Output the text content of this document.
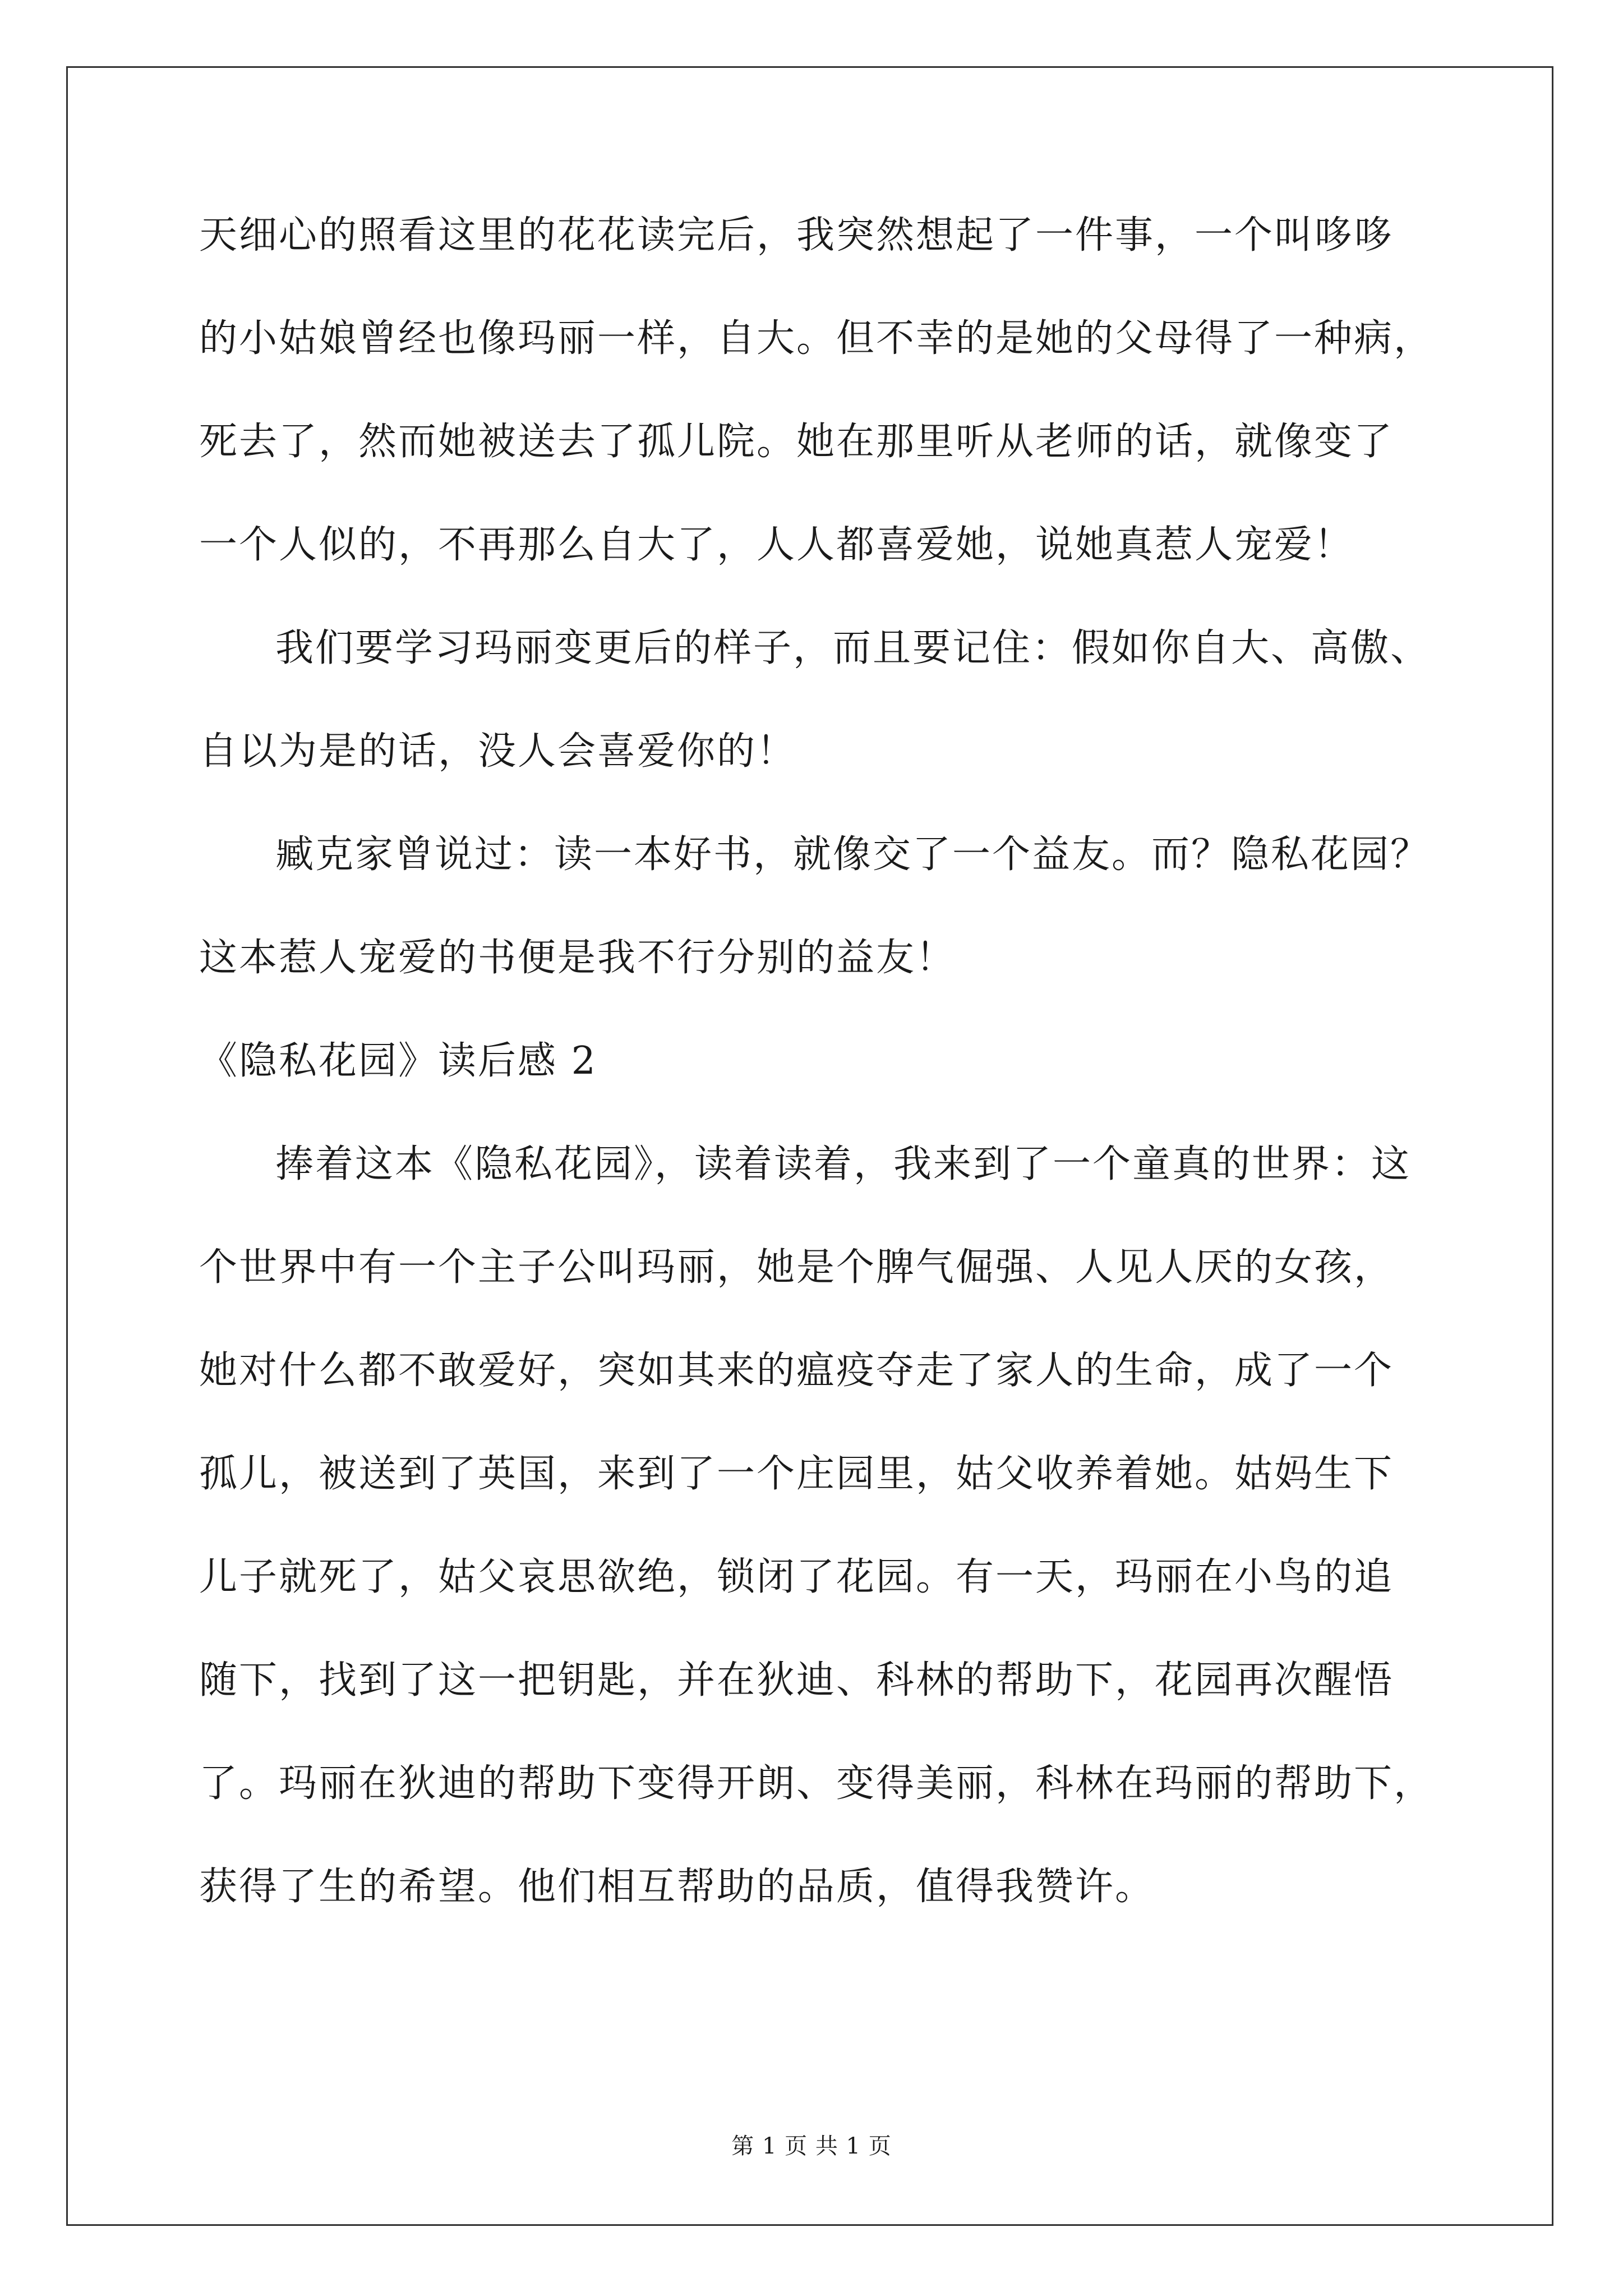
天细心的照看这里的花花读完后，我突然想起了一件事，一个叫哆哆
的小姑娘曾经也像玛丽一样，自大。但不幸的是她的父母得了一种病，
死去了，然而她被送去了孤儿院。她在那里听从老师的话，就像变了
一个人似的，不再那么自大了，人人都喜爱她，说她真惹人宠爱！
我们要学习玛丽变更后的样子，而且要记住：假如你自大、高傲、
自以为是的话，没人会喜爱你的！
臧克家曾说过：读一本好书，就像交了一个益友。而？隐私花园？
这本惹人宠爱的书便是我不行分别的益友！
《隐私花园》读后感 2
捧着这本《隐私花园》，读着读着，我来到了一个童真的世界：这
个世界中有一个主子公叫玛丽，她是个脾气倔强、人见人厌的女孩，
她对什么都不敢爱好，突如其来的瘟疫夺走了家人的生命，成了一个
孤儿，被送到了英国，来到了一个庄园里，姑父收养着她。姑妈生下
儿子就死了，姑父哀思欲绝，锁闭了花园。有一天，玛丽在小鸟的追
随下，找到了这一把钥匙，并在狄迪、科林的帮助下，花园再次醒悟
了。玛丽在狄迪的帮助下变得开朗、变得美丽，科林在玛丽的帮助下，
获得了生的希望。他们相互帮助的品质，值得我赞许。
第 1 页 共 1 页
